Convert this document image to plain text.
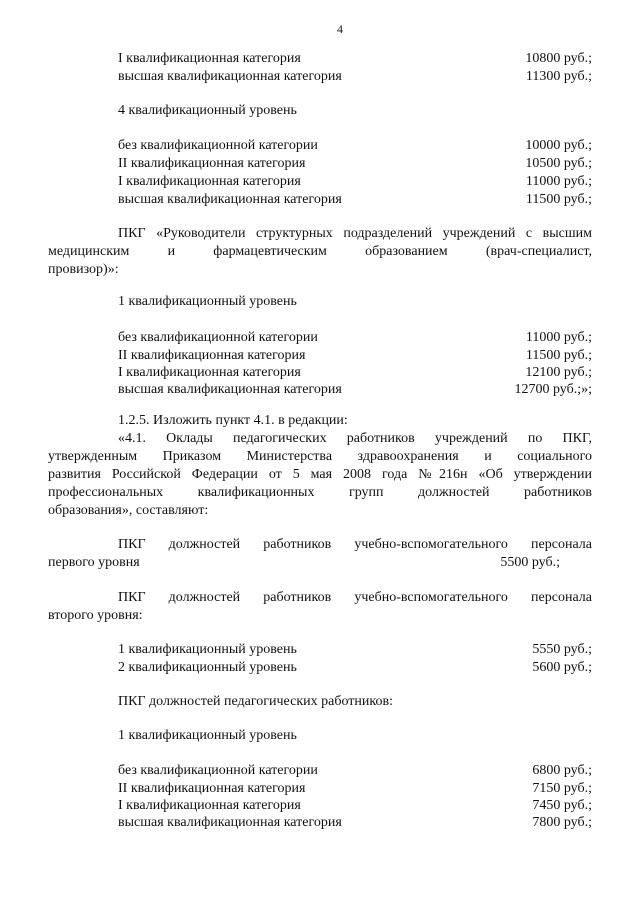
4
I квалификационная категория	10800 руб.;
высшая квалификационная категория	11300 руб.;
4 квалификационный уровень
без квалификационной категории	10000 руб.;
II квалификационная категория	10500 руб.;
I квалификационная категория	11000 руб.;
высшая квалификационная категория	11500 руб.;
ПКГ «Руководители структурных подразделений учреждений с высшим
медицинским и фармацевтическим образованием (врач-специалист,
провизор)»:
1 квалификационный уровень
без квалификационной категории	11000 руб.;
II квалификационная категория	11500 руб.;
I квалификационная категория	12100 руб.;
высшая квалификационная категория	12700 руб.;»;
1.2.5. Изложить пункт 4.1. в редакции:
«4.1. Оклады педагогических работников учреждений по ПКГ,
утвержденным Приказом Министерства здравоохранения и социального
развития Российской Федерации от 5 мая 2008 года №216н «Об утверждении
профессиональных квалификационных групп должностей работников
образования», составляют:
ПКГ должностей работников учебно-вспомогательного персонала
первого уровня	5500 руб.;
ПКГ должностей работников учебно-вспомогательного персонала
второго уровня:
1 квалификационный уровень	5550 руб.;
2 квалификационный уровень	5600 руб.;
ПКГ должностей педагогических работников:
1 квалификационный уровень
без квалификационной категории	6800 руб.;
II квалификационная категория	7150 руб.;
I квалификационная категория	7450 руб.;
высшая квалификационная категория	7800 руб.;
